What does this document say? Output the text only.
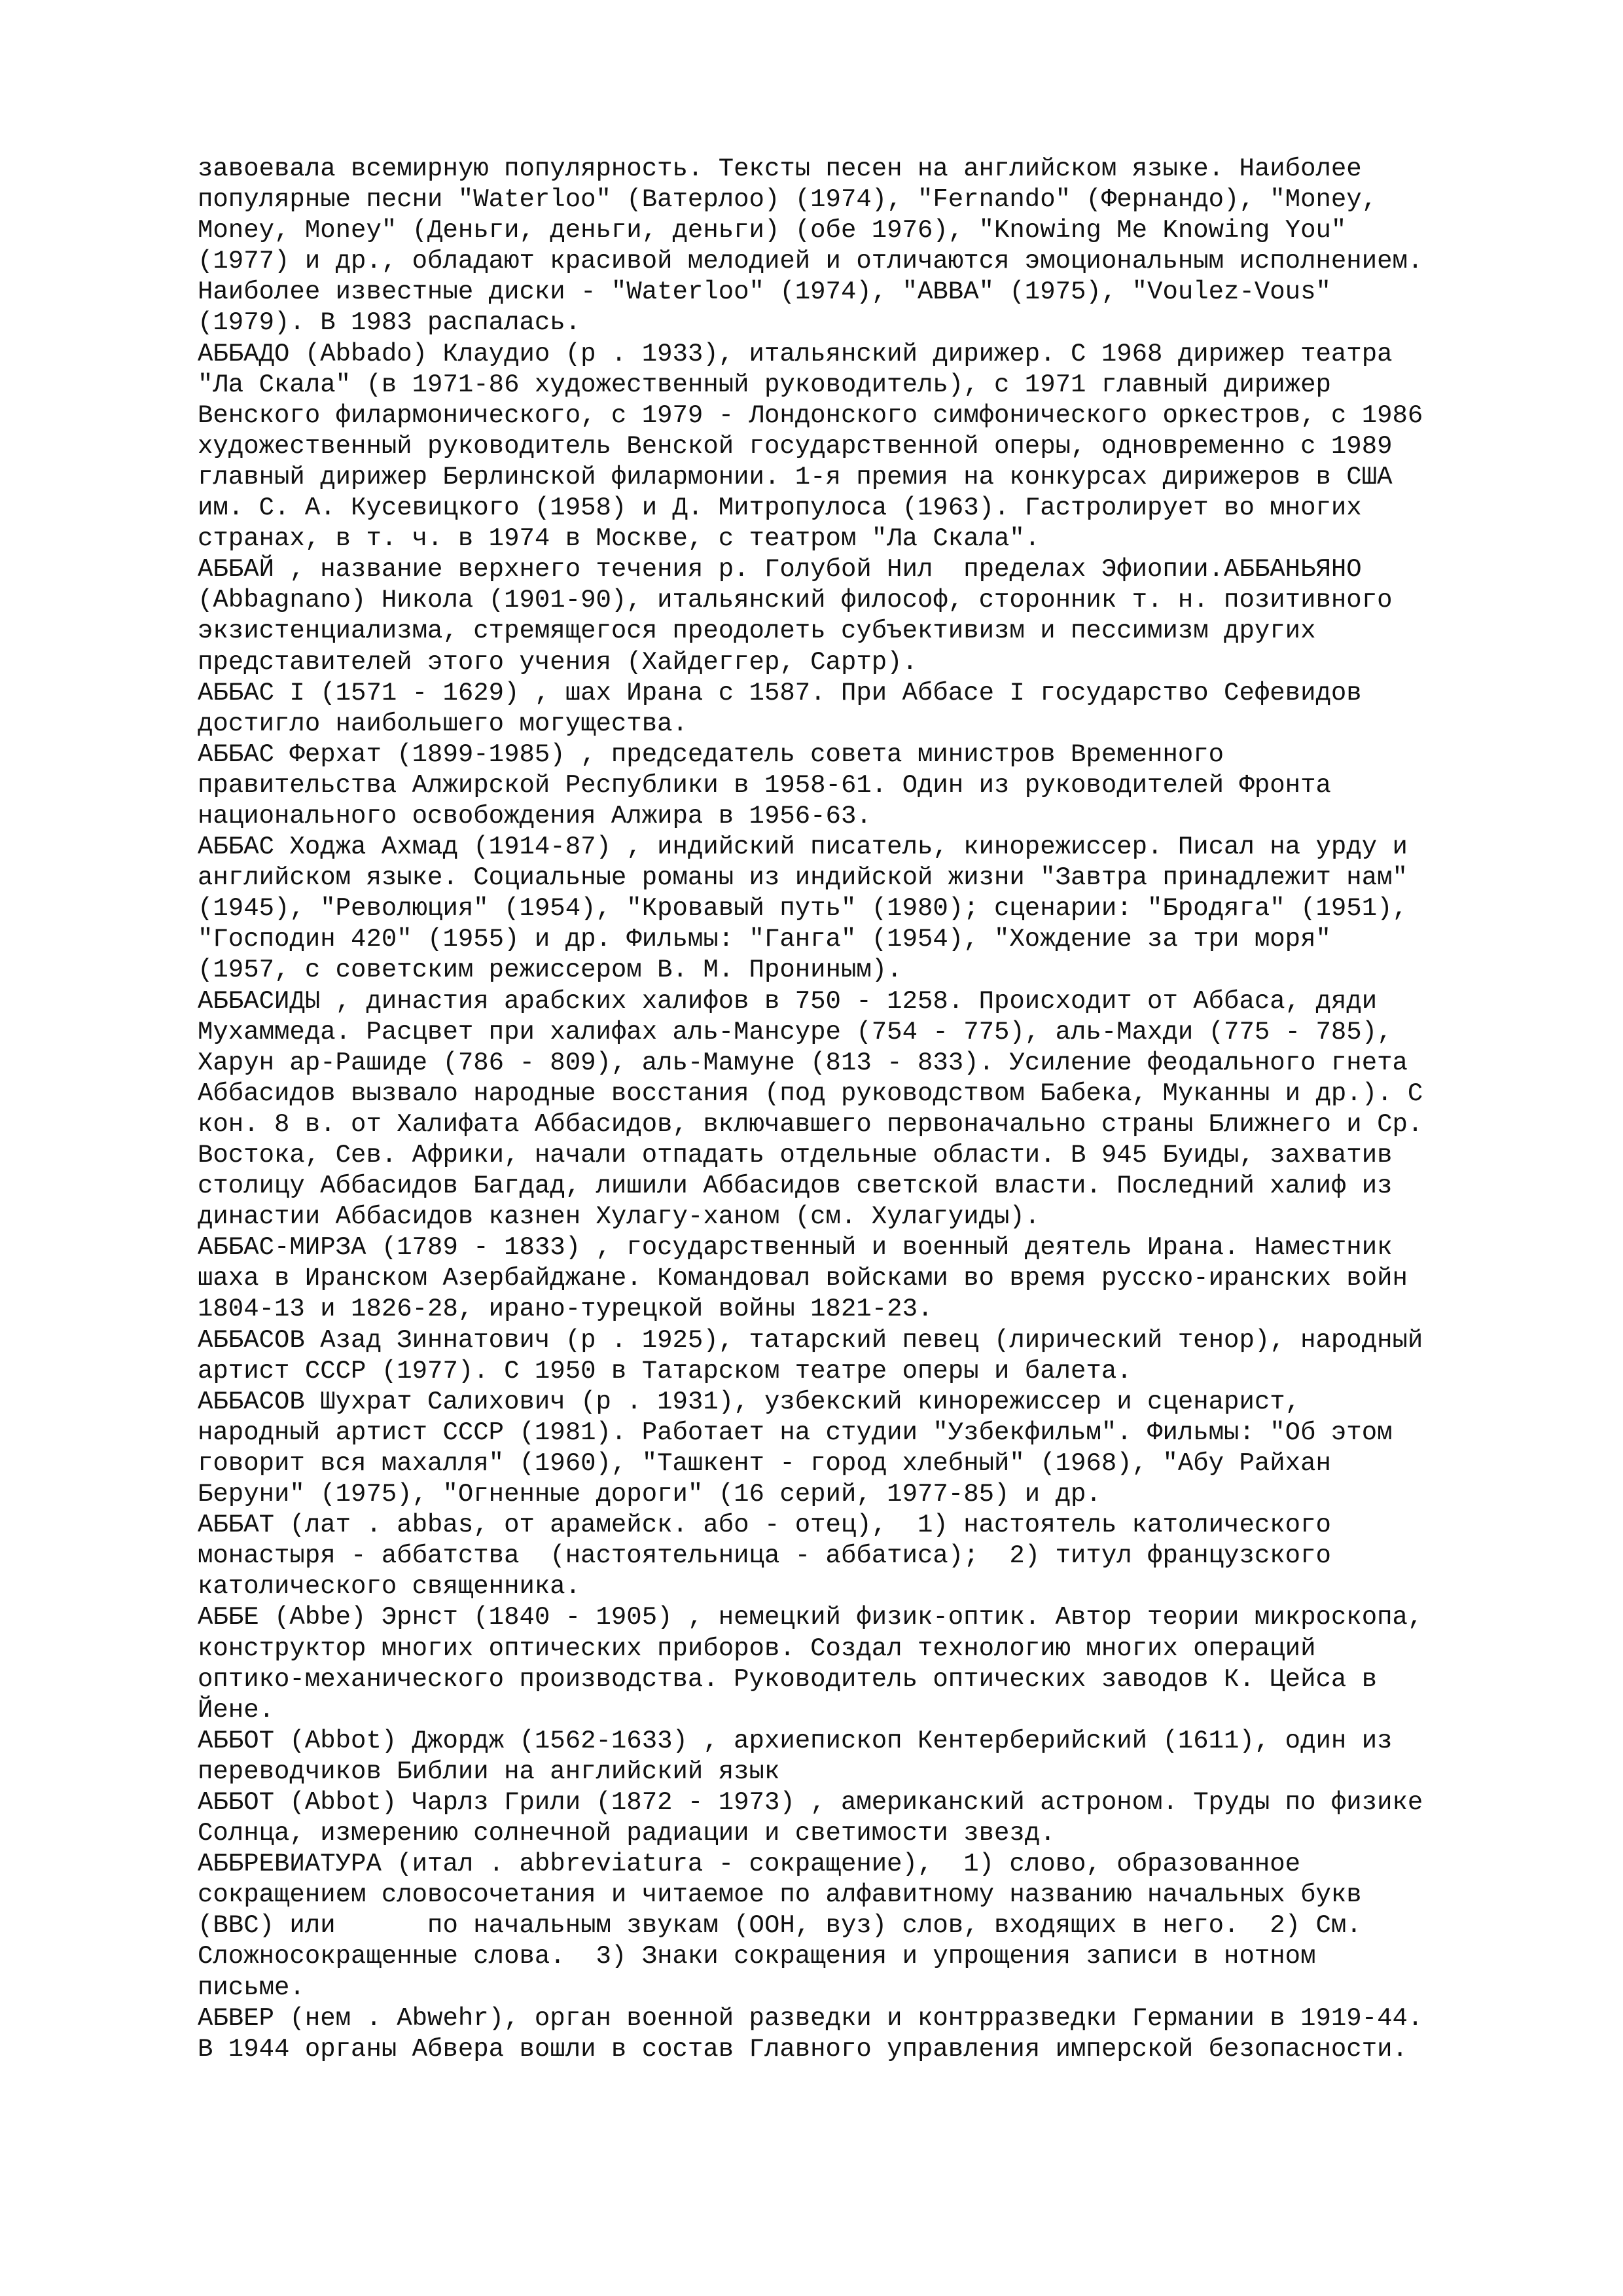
завоевала всемирную популярность. Тексты песен на английском языке. Наиболее
популярные песни "Waterloo" (Ватерлоо) (1974), "Fernando" (Фернандо), "Money,
Money, Money" (Деньги, деньги, деньги) (обе 1976), "Knowing Me Knowing You"
(1977) и др., обладают красивой мелодией и отличаются эмоциональным исполнением.
Наиболее известные диски - "Waterloo" (1974), "ABBA" (1975), "Voulez-Vous"
(1979). В 1983 распалась.
АББАДО (Abbado) Клаудио (р . 1933), итальянский дирижер. С 1968 дирижер театра
"Ла Скала" (в 1971-86 художественный руководитель), с 1971 главный дирижер
Венского филармонического, с 1979 - Лондонского симфонического оркестров, с 1986
художественный руководитель Венской государственной оперы, одновременно с 1989
главный дирижер Берлинской филармонии. 1-я премия на конкурсах дирижеров в США
им. С. А. Кусевицкого (1958) и Д. Митропулоса (1963). Гастролирует во многих
странах, в т. ч. в 1974 в Москве, с театром "Ла Скала".
АББАЙ , название верхнего течения р. Голубой Нил  пределах Эфиопии.АББАНЬЯНО
(Abbagnano) Никола (1901-90), итальянский философ, сторонник т. н. позитивного
экзистенциализма, стремящегося преодолеть субъективизм и пессимизм других
представителей этого учения (Хайдеггер, Сартр).
АББАС I (1571 - 1629) , шах Ирана с 1587. При Аббасе I государство Сефевидов
достигло наибольшего могущества.
АББАС Ферхат (1899-1985) , председатель совета министров Временного
правительства Алжирской Республики в 1958-61. Один из руководителей Фронта
национального освобождения Алжира в 1956-63.
АББАС Ходжа Ахмад (1914-87) , индийский писатель, кинорежиссер. Писал на урду и
английском языке. Социальные романы из индийской жизни "Завтра принадлежит нам"
(1945), "Революция" (1954), "Кровавый путь" (1980); сценарии: "Бродяга" (1951),
"Господин 420" (1955) и др. Фильмы: "Ганга" (1954), "Хождение за три моря"
(1957, с советским режиссером В. М. Прониным).
АББАСИДЫ , династия арабских халифов в 750 - 1258. Происходит от Аббаса, дяди
Мухаммеда. Расцвет при халифах аль-Мансуре (754 - 775), аль-Махди (775 - 785),
Харун ар-Рашиде (786 - 809), аль-Мамуне (813 - 833). Усиление феодального гнета
Аббасидов вызвало народные восстания (под руководством Бабека, Муканны и др.). С
кон. 8 в. от Халифата Аббасидов, включавшего первоначально страны Ближнего и Ср.
Востока, Сев. Африки, начали отпадать отдельные области. В 945 Буиды, захватив
столицу Аббасидов Багдад, лишили Аббасидов светской власти. Последний халиф из
династии Аббасидов казнен Хулагу-ханом (см. Хулагуиды).
АББАС-МИРЗА (1789 - 1833) , государственный и военный деятель Ирана. Наместник
шаха в Иранском Азербайджане. Командовал войсками во время русско-иранских войн
1804-13 и 1826-28, ирано-турецкой войны 1821-23.
АББАСОВ Азад Зиннатович (р . 1925), татарский певец (лирический тенор), народный
артист СССР (1977). С 1950 в Татарском театре оперы и балета.
АББАСОВ Шухрат Салихович (р . 1931), узбекский кинорежиссер и сценарист,
народный артист СССР (1981). Работает на студии "Узбекфильм". Фильмы: "Об этом
говорит вся махалля" (1960), "Ташкент - город хлебный" (1968), "Абу Райхан
Беруни" (1975), "Огненные дороги" (16 серий, 1977-85) и др.
АББАТ (лат . abbas, от арамейск. або - отец),  1) настоятель католического
монастыря - аббатства  (настоятельница - аббатиса);  2) титул французского
католического священника.
АББЕ (Abbe) Эрнст (1840 - 1905) , немецкий физик-оптик. Автор теории микроскопа,
конструктор многих оптических приборов. Создал технологию многих операций
оптико-механического производства. Руководитель оптических заводов К. Цейса в
Йене.
АББОТ (Abbot) Джордж (1562-1633) , архиепископ Кентерберийский (1611), один из
переводчиков Библии на английский язык
АББОТ (Abbot) Чарлз Грили (1872 - 1973) , американский астроном. Труды по физике
Солнца, измерению солнечной радиации и светимости звезд.
АББРЕВИАТУРА (итал . abbreviatura - сокращение),  1) слово, образованное
сокращением словосочетания и читаемое по алфавитному названию начальных букв
(ВВС) или      по начальным звукам (ООН, вуз) слов, входящих в него.  2) См.
Сложносокращенные слова.  3) Знаки сокращения и упрощения записи в нотном
письме.
АБВЕР (нем . Abwehr), орган военной разведки и контрразведки Германии в 1919-44.
В 1944 органы Абвера вошли в состав Главного управления имперской безопасности.
